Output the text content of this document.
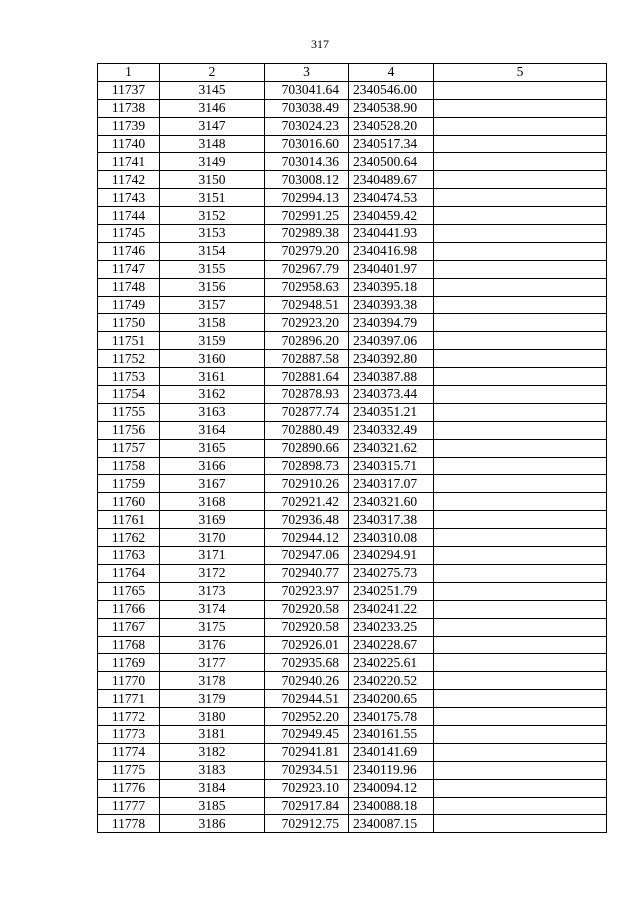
317
1	2	3	4	5
11737	3145	703041.64	2340546.00	
11738	3146	703038.49	2340538.90	
11739	3147	703024.23	2340528.20	
11740	3148	703016.60	2340517.34	
11741	3149	703014.36	2340500.64	
11742	3150	703008.12	2340489.67	
11743	3151	702994.13	2340474.53	
11744	3152	702991.25	2340459.42	
11745	3153	702989.38	2340441.93	
11746	3154	702979.20	2340416.98	
11747	3155	702967.79	2340401.97	
11748	3156	702958.63	2340395.18	
11749	3157	702948.51	2340393.38	
11750	3158	702923.20	2340394.79	
11751	3159	702896.20	2340397.06	
11752	3160	702887.58	2340392.80	
11753	3161	702881.64	2340387.88	
11754	3162	702878.93	2340373.44	
11755	3163	702877.74	2340351.21	
11756	3164	702880.49	2340332.49	
11757	3165	702890.66	2340321.62	
11758	3166	702898.73	2340315.71	
11759	3167	702910.26	2340317.07	
11760	3168	702921.42	2340321.60	
11761	3169	702936.48	2340317.38	
11762	3170	702944.12	2340310.08	
11763	3171	702947.06	2340294.91	
11764	3172	702940.77	2340275.73	
11765	3173	702923.97	2340251.79	
11766	3174	702920.58	2340241.22	
11767	3175	702920.58	2340233.25	
11768	3176	702926.01	2340228.67	
11769	3177	702935.68	2340225.61	
11770	3178	702940.26	2340220.52	
11771	3179	702944.51	2340200.65	
11772	3180	702952.20	2340175.78	
11773	3181	702949.45	2340161.55	
11774	3182	702941.81	2340141.69	
11775	3183	702934.51	2340119.96	
11776	3184	702923.10	2340094.12	
11777	3185	702917.84	2340088.18	
11778	3186	702912.75	2340087.15	
